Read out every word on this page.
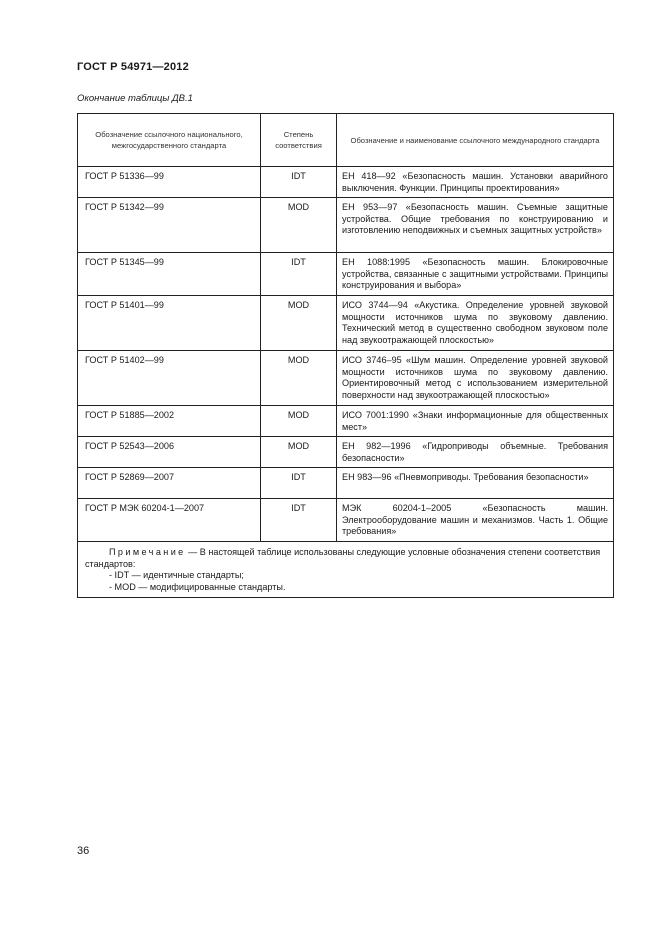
ГОСТ Р 54971—2012
Окончание таблицы ДВ.1
Обозначение ссылочного национального, межгосударственного стандарта	Степень соответствия	Обозначение и наименование ссылочного международного стандарта
ГОСТ Р 51336—99	IDT	ЕН 418—92 «Безопасность машин. Установки аварийного выключения. Функции. Принципы проектирования»
ГОСТ Р 51342—99	MOD	ЕН 953—97 «Безопасность машин. Съемные защитные устройства. Общие требования по конструированию и изготовлению неподвижных и съемных защитных устройств»
ГОСТ Р 51345—99	IDT	ЕН 1088:1995 «Безопасность машин. Блокировочные устройства, связанные с защитными устройствами. Принципы конструирования и выбора»
ГОСТ Р 51401—99	MOD	ИСО 3744—94 «Акустика. Определение уровней звуковой мощности источников шума по звуковому давлению. Технический метод в существенно свободном звуковом поле над звукоотражающей плоскостью»
ГОСТ Р 51402—99	MOD	ИСО 3746–95 «Шум машин. Определение уровней звуковой мощности источников шума по звуковому давлению. Ориентировочный метод с использованием измерительной поверхности над звукоотражающей плоскостью»
ГОСТ Р 51885—2002	MOD	ИСО 7001:1990 «Знаки информационные для общественных мест»
ГОСТ Р 52543—2006	MOD	ЕН 982—1996 «Гидроприводы объемные. Требования безопасности»
ГОСТ Р 52869—2007	IDT	ЕН 983—96 «Пневмоприводы. Требования безопасности»
ГОСТ Р МЭК 60204-1—2007	IDT	МЭК 60204-1–2005 «Безопасность машин. Электрооборудование машин и механизмов. Часть 1. Общие требования»

Примечание — В настоящей таблице использованы следующие условные обозначения степени соответствия стандартов:
- IDT — идентичные стандарты;
- MOD — модифицированные стандарты.		
36
